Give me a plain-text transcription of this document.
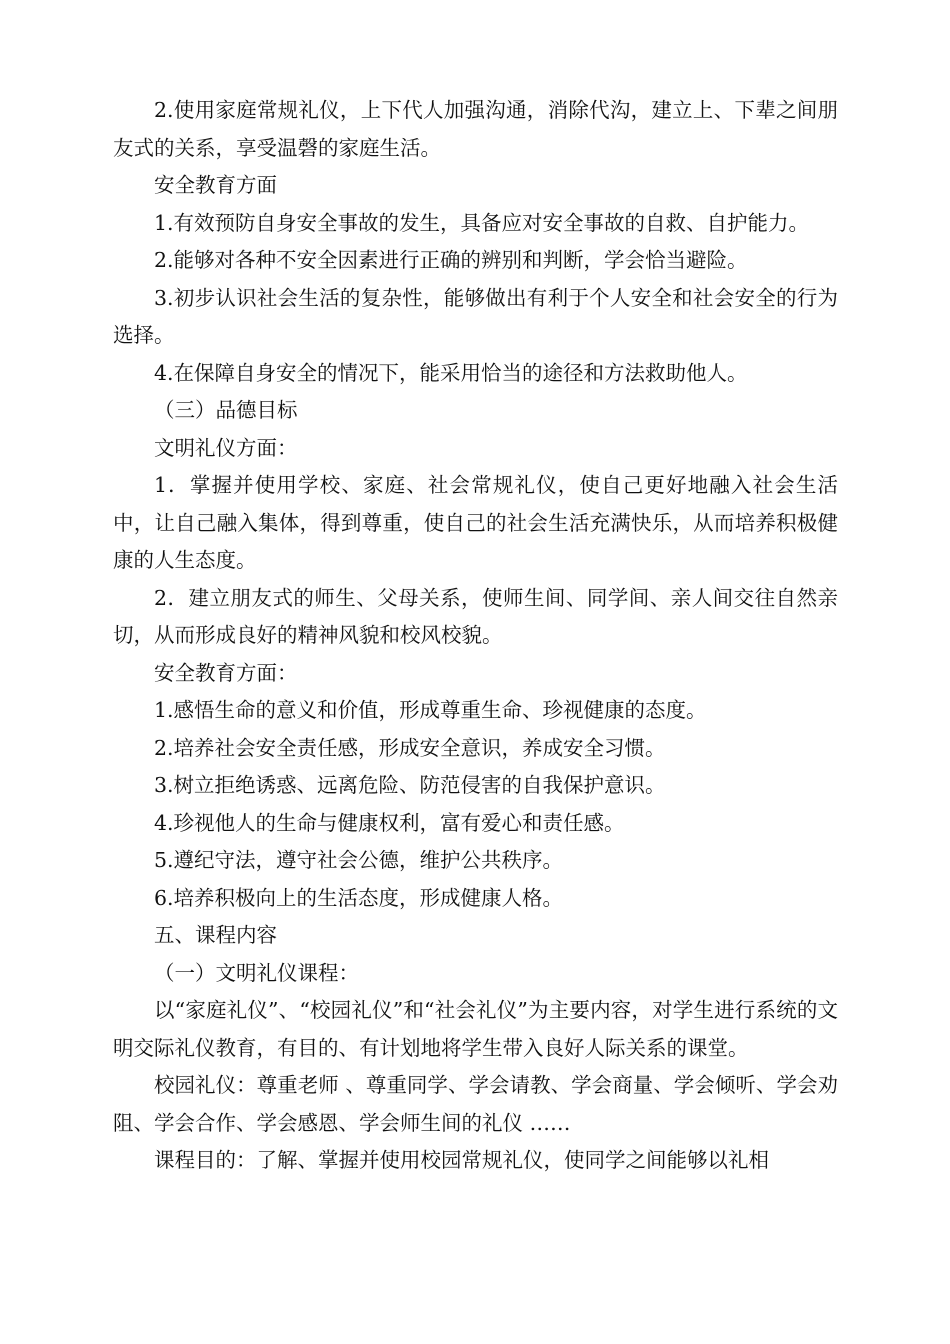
2.使用家庭常规礼仪，上下代人加强沟通，消除代沟，建立上、下辈之间朋友式的关系，享受温磬的家庭生活。

安全教育方面

1.有效预防自身安全事故的发生，具备应对安全事故的自救、自护能力。

2.能够对各种不安全因素进行正确的辨别和判断，学会恰当避险。

3.初步认识社会生活的复杂性，能够做出有利于个人安全和社会安全的行为选择。

4.在保障自身安全的情况下，能采用恰当的途径和方法救助他人。

（三）品德目标

文明礼仪方面：

1．掌握并使用学校、家庭、社会常规礼仪，使自己更好地融入社会生活中，让自己融入集体，得到尊重，使自己的社会生活充满快乐，从而培养积极健康的人生态度。

2．建立朋友式的师生、父母关系，使师生间、同学间、亲人间交往自然亲切，从而形成良好的精神风貌和校风校貌。

安全教育方面：

1.感悟生命的意义和价值，形成尊重生命、珍视健康的态度。

2.培养社会安全责任感，形成安全意识，养成安全习惯。

3.树立拒绝诱惑、远离危险、防范侵害的自我保护意识。

4.珍视他人的生命与健康权利，富有爱心和责任感。

5.遵纪守法，遵守社会公德，维护公共秩序。

6.培养积极向上的生活态度，形成健康人格。

五、课程内容

（一）文明礼仪课程：

以“家庭礼仪”、“校园礼仪”和“社会礼仪”为主要内容，对学生进行系统的文明交际礼仪教育，有目的、有计划地将学生带入良好人际关系的课堂。

校园礼仪：尊重老师 、尊重同学、学会请教、学会商量、学会倾听、学会劝阻、学会合作、学会感恩、学会师生间的礼仪 ……

课程目的：了解、掌握并使用校园常规礼仪，使同学之间能够以礼相
